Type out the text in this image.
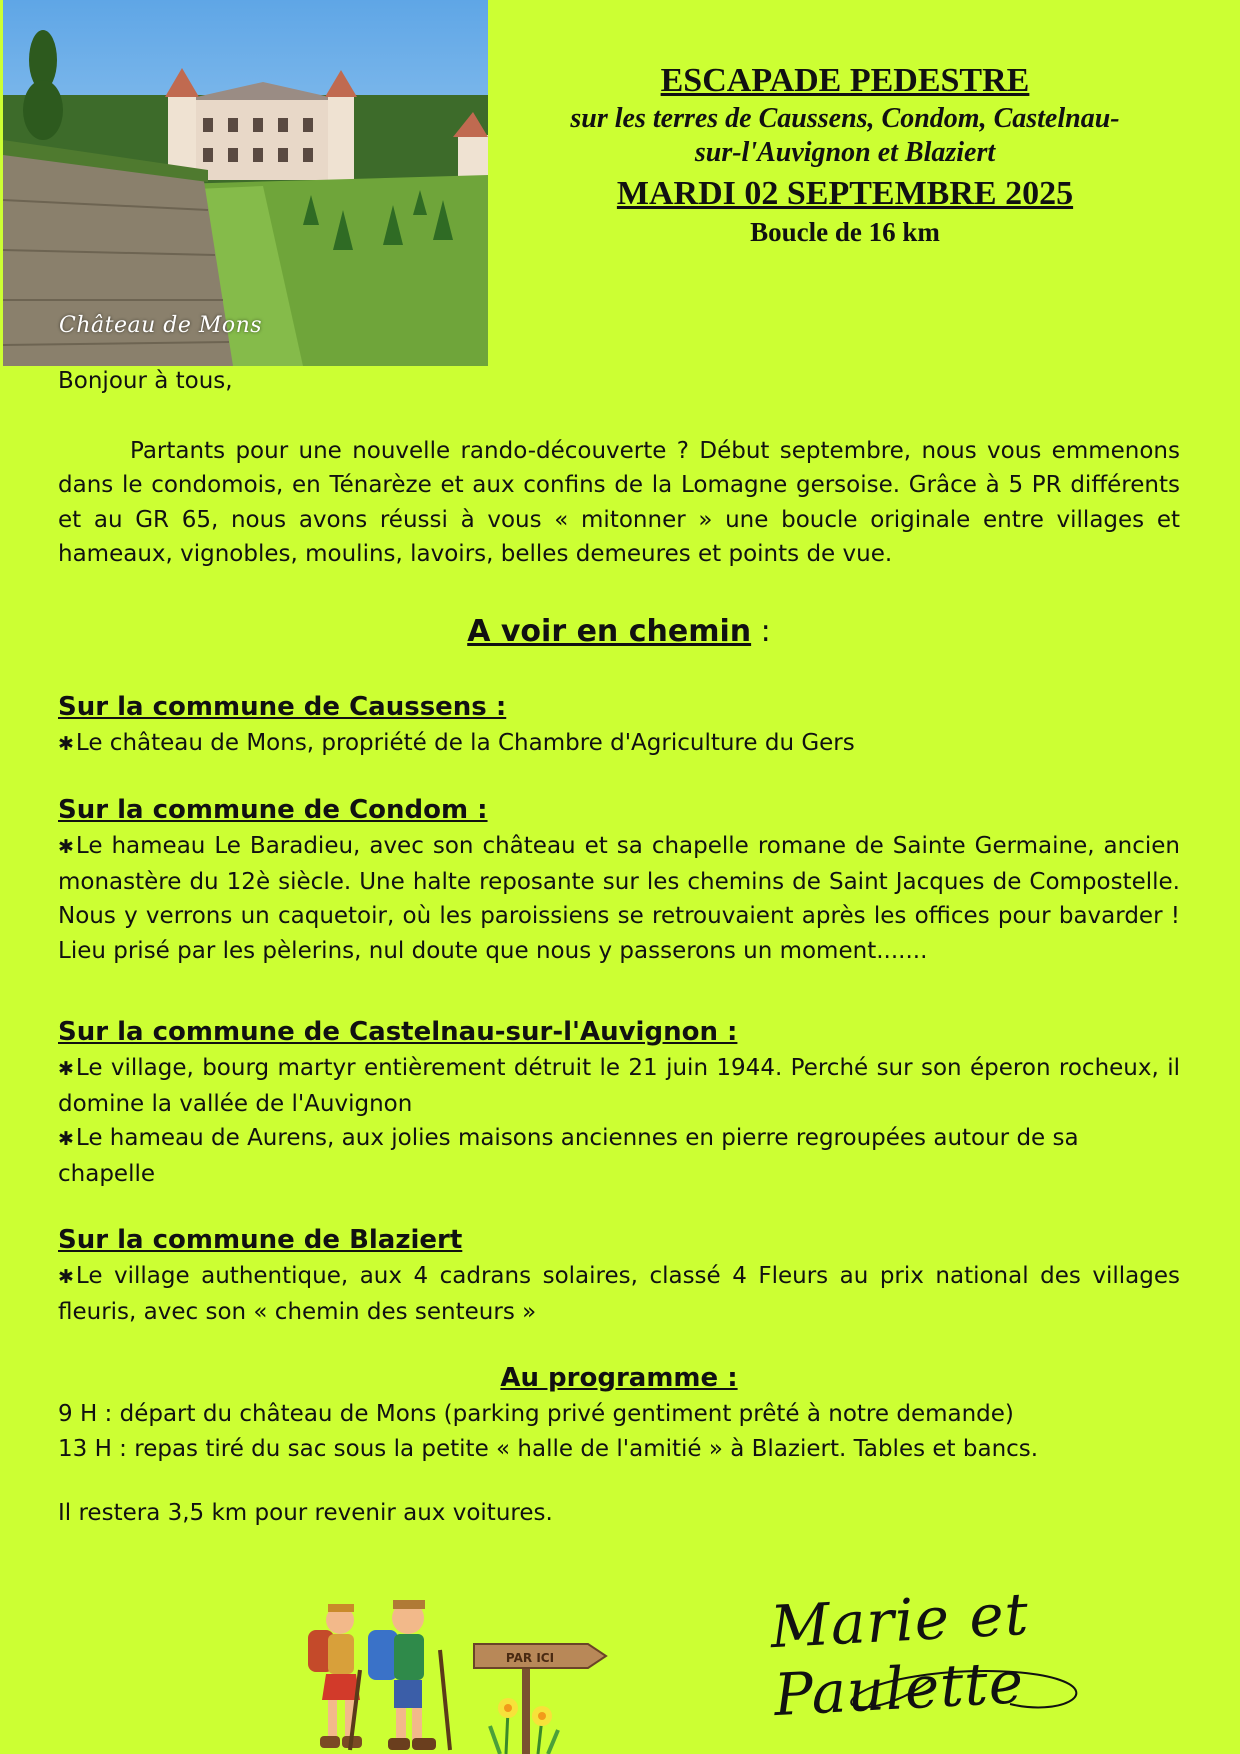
Château de Mons
ESCAPADE PEDESTRE
sur les terres de Caussens, Condom, Castelnau-
sur-l'Auvignon et Blaziert
MARDI 02 SEPTEMBRE 2025
Boucle de 16 km

Bonjour à tous,

Partants pour une nouvelle rando-découverte ? Début septembre, nous vous emmenons dans le condomois, en Ténarèze et aux confins de la Lomagne gersoise. Grâce à 5 PR différents et au GR 65, nous avons réussi à vous « mitonner » une boucle originale entre villages et hameaux, vignobles, moulins, lavoirs, belles demeures et points de vue.

A voir en chemin :
Sur la commune de Caussens :

✱ Le château de Mons, propriété de la Chambre d'Agriculture du Gers

Sur la commune de Condom :

✱ Le hameau Le Baradieu, avec son château et sa chapelle romane de Sainte Germaine, ancien monastère du 12è siècle. Une halte reposante sur les chemins de Saint Jacques de Compostelle. Nous y verrons un caquetoir, où les paroissiens se retrouvaient après les offices pour bavarder ! Lieu prisé par les pèlerins, nul doute que nous y passerons un moment.......

Sur la commune de Castelnau-sur-l'Auvignon :

✱ Le village, bourg martyr entièrement détruit le 21 juin 1944. Perché sur son éperon rocheux, il domine la vallée de l'Auvignon

✱ Le hameau de Aurens, aux jolies maisons anciennes en pierre regroupées autour de sa chapelle

Sur la commune de Blaziert

✱ Le village authentique, aux 4 cadrans solaires, classé 4 Fleurs au prix national des villages fleuris, avec son « chemin des senteurs »

Au programme :

9 H : départ du château de Mons (parking privé gentiment prêté à notre demande)

13 H : repas tiré du sac sous la petite « halle de l'amitié » à Blaziert. Tables et bancs.

Il restera 3,5 km pour revenir aux voitures.

PAR ICI	Marie et Paulette
